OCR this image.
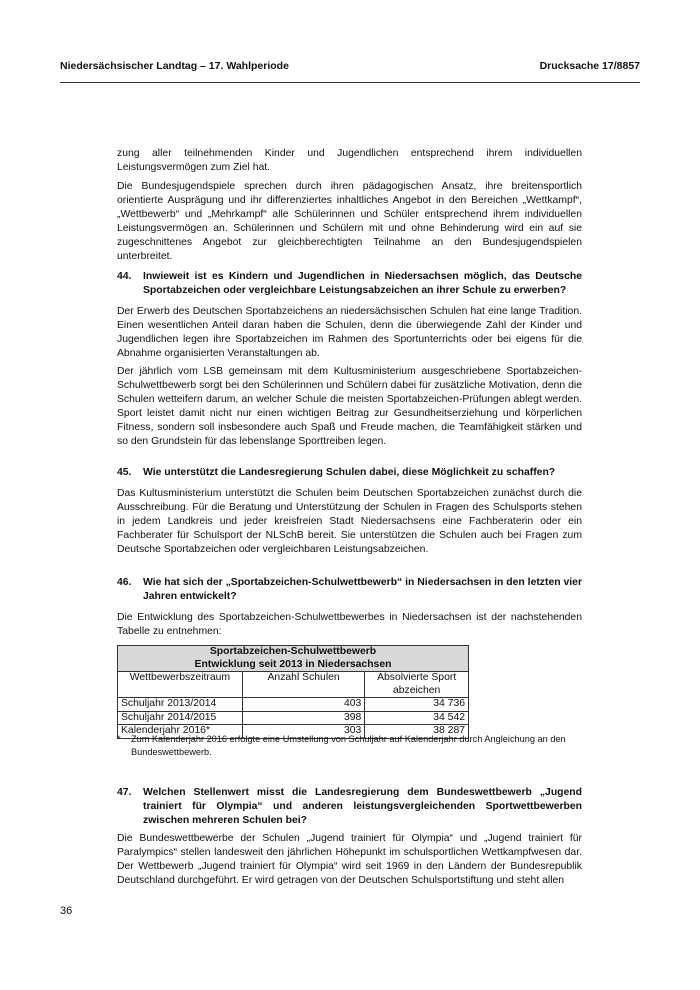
Niedersächsischer Landtag – 17. Wahlperiode	Drucksache 17/8857

zung aller teilnehmenden Kinder und Jugendlichen entsprechend ihrem individuellen Leistungsvermögen zum Ziel hat.

Die Bundesjugendspiele sprechen durch ihren pädagogischen Ansatz, ihre breitensportlich orientierte Ausprägung und ihr differenziertes inhaltliches Angebot in den Bereichen „Wettkampf“, „Wettbewerb“ und „Mehrkampf“ alle Schülerinnen und Schüler entsprechend ihrem individuellen Leistungsvermögen an. Schülerinnen und Schülern mit und ohne Behinderung wird ein auf sie zugeschnittenes Angebot zur gleichberechtigten Teilnahme an den Bundesjugendspielen unterbreitet.

44.	Inwieweit ist es Kindern und Jugendlichen in Niedersachsen möglich, das Deutsche Sportabzeichen oder vergleichbare Leistungsabzeichen an ihrer Schule zu erwerben?

Der Erwerb des Deutschen Sportabzeichens an niedersächsischen Schulen hat eine lange Tradition. Einen wesentlichen Anteil daran haben die Schulen, denn die überwiegende Zahl der Kinder und Jugendlichen legen ihre Sportabzeichen im Rahmen des Sportunterrichts oder bei eigens für die Abnahme organisierten Veranstaltungen ab.

Der jährlich vom LSB gemeinsam mit dem Kultusministerium ausgeschriebene Sportabzeichen-Schulwettbewerb sorgt bei den Schülerinnen und Schülern dabei für zusätzliche Motivation, denn die Schulen wetteifern darum, an welcher Schule die meisten Sportabzeichen-Prüfungen ablegt werden. Sport leistet damit nicht nur einen wichtigen Beitrag zur Gesundheitserziehung und körperlichen Fitness, sondern soll insbesondere auch Spaß und Freude machen, die Teamfähigkeit stärken und so den Grundstein für das lebenslange Sporttreiben legen.

45.	Wie unterstützt die Landesregierung Schulen dabei, diese Möglichkeit zu schaffen?

Das Kultusministerium unterstützt die Schulen beim Deutschen Sportabzeichen zunächst durch die Ausschreibung. Für die Beratung und Unterstützung der Schulen in Fragen des Schulsports stehen in jedem Landkreis und jeder kreisfreien Stadt Niedersachsens eine Fachberaterin oder ein Fachberater für Schulsport der NLSchB bereit. Sie unterstützen die Schulen auch bei Fragen zum Deutsche Sportabzeichen oder vergleichbaren Leistungsabzeichen.

46.	Wie hat sich der „Sportabzeichen-Schulwettbewerb“ in Niedersachsen in den letzten vier Jahren entwickelt?

Die Entwicklung des Sportabzeichen-Schulwettbewerbes in Niedersachsen ist der nachstehenden Tabelle zu entnehmen:

Sportabzeichen-Schulwettbewerb
Entwicklung seit 2013 in Niedersachsen		

Wettbewerbszeitraum	Anzahl Schulen	Absolvierte Sport abzeichen
Schuljahr 2013/2014	403	34 736
Schuljahr 2014/2015	398	34 542
Kalenderjahr 2016*	303	38 287
*	Zum Kalenderjahr 2016 erfolgte eine Umstellung von Schuljahr auf Kalenderjahr durch Angleichung an den Bundeswettbewerb.
47.	Welchen Stellenwert misst die Landesregierung dem Bundeswettbewerb „Jugend trainiert für Olympia“ und anderen leistungsvergleichenden Sportwettbewerben zwischen mehreren Schulen bei?

Die Bundeswettbewerbe der Schulen „Jugend trainiert für Olympia“ und „Jugend trainiert für Paralympics“ stellen landesweit den jährlichen Höhepunkt im schulsportlichen Wettkampfwesen dar. Der Wettbewerb „Jugend trainiert für Olympia“ wird seit 1969 in den Ländern der Bundesrepublik Deutschland durchgeführt. Er wird getragen von der Deutschen Schulsportstiftung und steht allen

36
